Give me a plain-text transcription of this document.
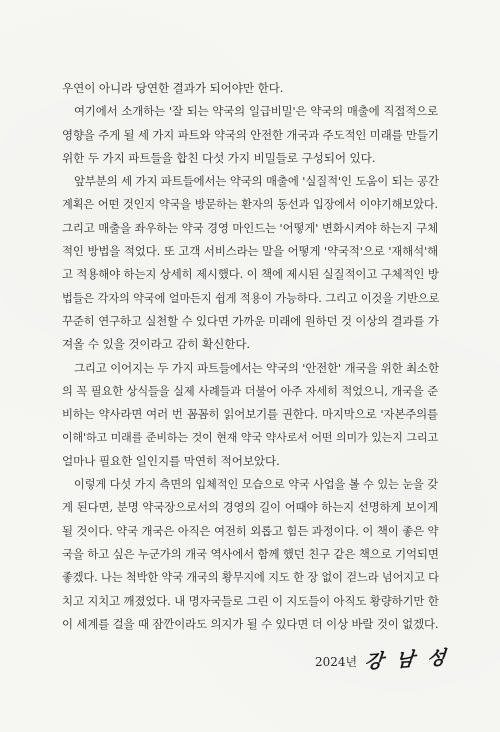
우연이 아니라 당연한 결과가 되어야만 한다.
여기에서 소개하는 '잘 되는 약국의 일급비밀'은 약국의 매출에 직접적으로
영향을 주게 될 세 가지 파트와 약국의 안전한 개국과 주도적인 미래를 만들기
위한 두 가지 파트들을 합친 다섯 가지 비밀들로 구성되어 있다.
앞부분의 세 가지 파트들에서는 약국의 매출에 '실질적'인 도움이 되는 공간
계획은 어떤 것인지 약국을 방문하는 환자의 동선과 입장에서 이야기해보았다.
그리고 매출을 좌우하는 약국 경영 마인드는 '어떻게' 변화시켜야 하는지 구체
적인 방법을 적었다. 또 고객 서비스라는 말을 어떻게 '약국적'으로 '재해석'해
고 적용해야 하는지 상세히 제시했다. 이 책에 제시된 실질적이고 구체적인 방
법들은 각자의 약국에 얼마든지 쉽게 적용이 가능하다. 그리고 이것을 기반으로
꾸준히 연구하고 실천할 수 있다면 가까운 미래에 원하던 것 이상의 결과를 가
져올 수 있을 것이라고 감히 확신한다.
그리고 이어지는 두 가지 파트들에서는 약국의 '안전한' 개국을 위한 최소한
의 꼭 필요한 상식들을 실제 사례들과 더불어 아주 자세히 적었으니, 개국을 준
비하는 약사라면 여러 번 꼼꼼히 읽어보기를 권한다. 마지막으로 '자본주의를
이해'하고 미래를 준비하는 것이 현재 약국 약사로서 어떤 의미가 있는지 그리고
얼마나 필요한 일인지를 막연히 적어보았다.
이렇게 다섯 가지 측면의 입체적인 모습으로 약국 사업을 볼 수 있는 눈을 갖
게 된다면, 분명 약국장으로서의 경영의 길이 어때야 하는지 선명하게 보이게
될 것이다. 약국 개국은 아직은 여전히 외롭고 힘든 과정이다. 이 책이 좋은 약
국을 하고 싶은 누군가의 개국 역사에서 함께 했던 친구 같은 책으로 기억되면
좋겠다. 나는 척박한 약국 개국의 황무지에 지도 한 장 없이 걷느라 넘어지고 다
치고 지치고 깨졌었다. 내 명자국들로 그린 이 지도들이 아직도 황량하기만 한
이 세계를 걸을 때 잠깐이라도 의지가 될 수 있다면 더 이상 바랄 것이 없겠다.
2024년 강 남 성
